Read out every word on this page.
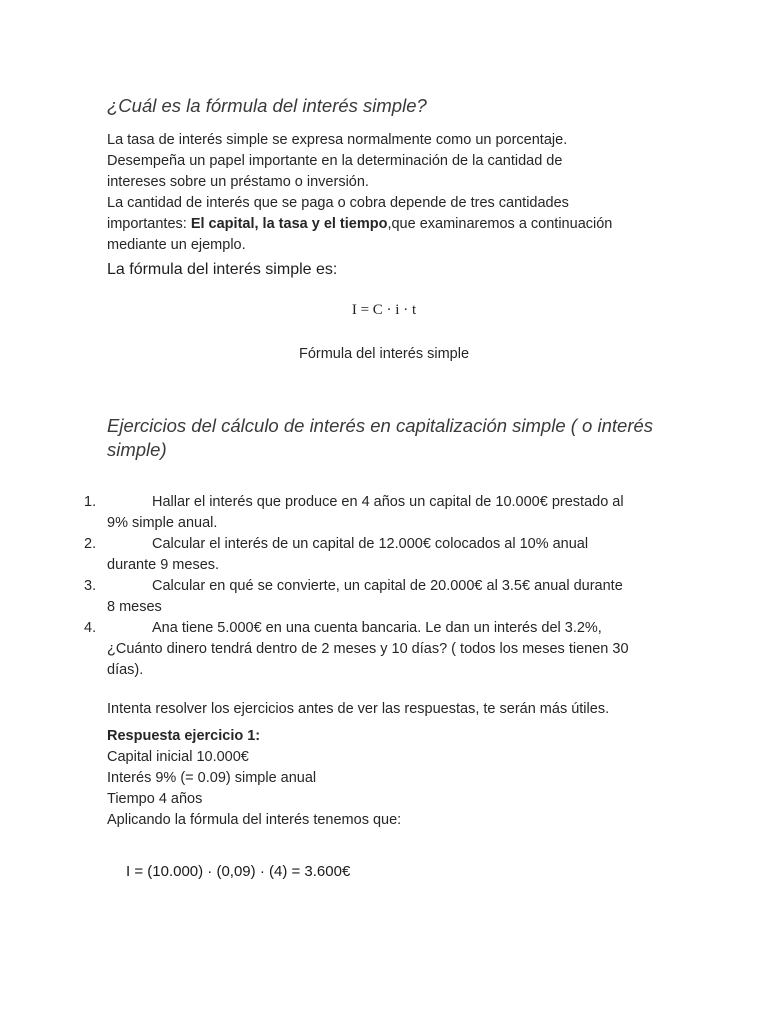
¿Cuál es la fórmula del interés simple?

La tasa de interés simple se expresa normalmente como un porcentaje.

Desempeña un papel importante en la determinación de la cantidad de

intereses sobre un préstamo o inversión.

La cantidad de interés que se paga o cobra depende de tres cantidades

importantes: El capital, la tasa y el tiempo,que examinaremos a continuación

mediante un ejemplo.

La fórmula del interés simple es:

I = C · i · t
Fórmula del interés simple
Ejercicios del cálculo de interés en capitalización simple ( o interés
simple)
1.	Hallar el interés que produce en 4 años un capital de 10.000€ prestado al
9% simple anual.
2.	Calcular el interés de un capital de 12.000€ colocados al 10% anual
durante 9 meses.
3.	Calcular en qué se convierte, un capital de 20.000€ al 3.5€ anual durante
8 meses
4.	Ana tiene 5.000€ en una cuenta bancaria. Le dan un interés del 3.2%,
¿Cuánto dinero tendrá dentro de 2 meses y 10 días? ( todos los meses tienen 30
días).

Intenta resolver los ejercicios antes de ver las respuestas, te serán más útiles.

Respuesta ejercicio 1:

Capital inicial 10.000€

Interés 9% (= 0.09) simple anual

Tiempo 4 años

Aplicando la fórmula del interés tenemos que:

I = (10.000) · (0,09) · (4) = 3.600€
